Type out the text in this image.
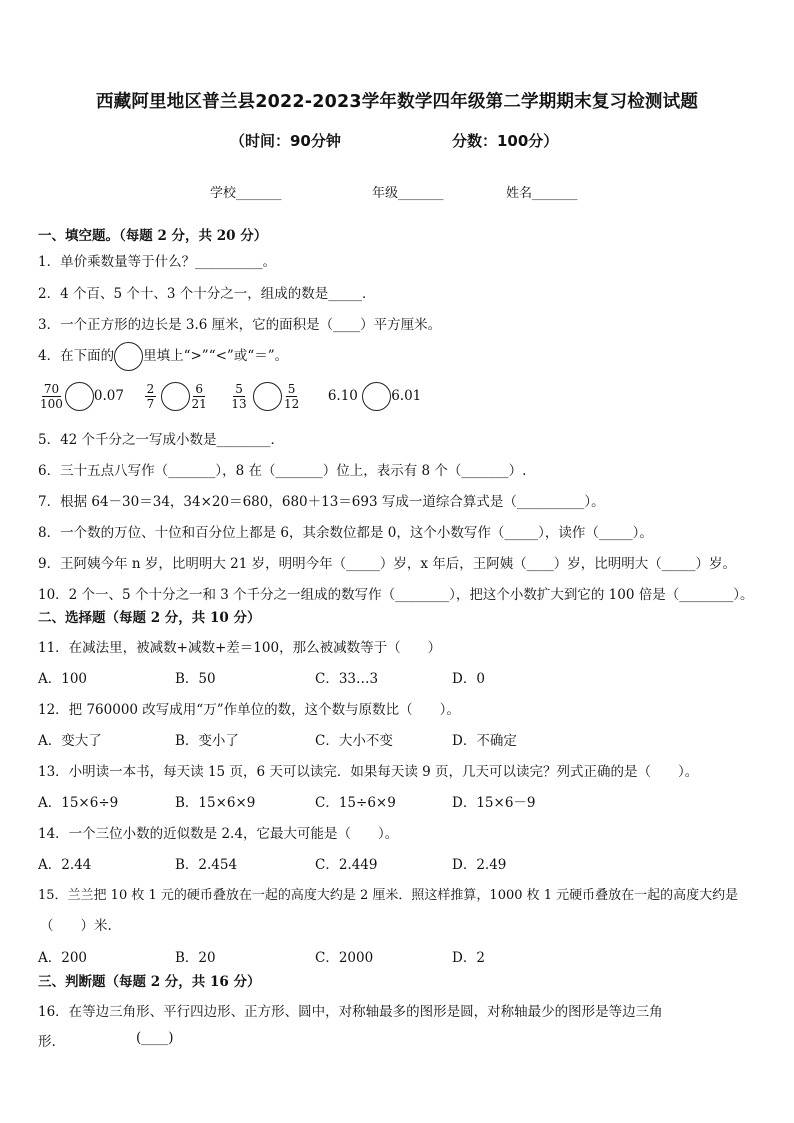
西藏阿里地区普兰县2022-2023学年数学四年级第二学期期末复习检测试题
（时间：90分钟	分数：100分）
学校_______	年级_______	姓名_______
一、填空题。（每题 2 分，共 20 分）
1．单价乘数量等于什么？__________。
2．4 个百、5 个十、3 个十分之一，组成的数是_____．
3．一个正方形的边长是 3.6 厘米，它的面积是（____）平方厘米。
4．在下面的 里填上“>”“<”或“＝”。
$\frac{70}{100} 0.07 \frac{2}{7}$
	$\frac{6}{21}$
$\frac{5}{13}$
	$\frac{5}{12} 6.10$ 6.01
5．42 个千分之一写成小数是________．
6．三十五点八写作（_______），8 在（_______）位上，表示有 8 个（_______）.
7．根据 64－30＝34，34×20＝680，680＋13＝693 写成一道综合算式是（__________）。
8．一个数的万位、十位和百分位上都是 6，其余数位都是 0，这个小数写作（_____），读作（_____）。
9．王阿姨今年 n 岁，比明明大 21 岁，明明今年（_____）岁，x 年后，王阿姨（____）岁，比明明大（_____）岁。
10．2 个一、5 个十分之一和 3 个千分之一组成的数写作（________），把这个小数扩大到它的 100 倍是（________）。
二、选择题（每题 2 分，共 10 分）
11．在减法里，被减数+减数+差＝100，那么被减数等于（　　）
A．100	B．50	C．33…3	D．0
12．把 760000 改写成用“万”作单位的数，这个数与原数比（　　）。
A．变大了	B．变小了	C．大小不变	D．不确定
13．小明读一本书，每天读 15 页，6 天可以读完．如果每天读 9 页，几天可以读完？列式正确的是（　　）。
A．15×6÷9	B．15×6×9	C．15÷6×9	D．15×6－9
14．一个三位小数的近似数是 2.4，它最大可能是（　　）。
A．2.44	B．2.454	C．2.449	D．2.49
15．兰兰把 10 枚 1 元的硬币叠放在一起的高度大约是 2 厘米．照这样推算，1000 枚 1 元硬币叠放在一起的高度大约是
（　　）米.
A．200	B．20	C．2000	D．2
三、判断题（每题 2 分，共 16 分）
16．在等边三角形、平行四边形、正方形、圆中，对称轴最多的图形是圆，对称轴最少的图形是等边三角
形.	(____)
